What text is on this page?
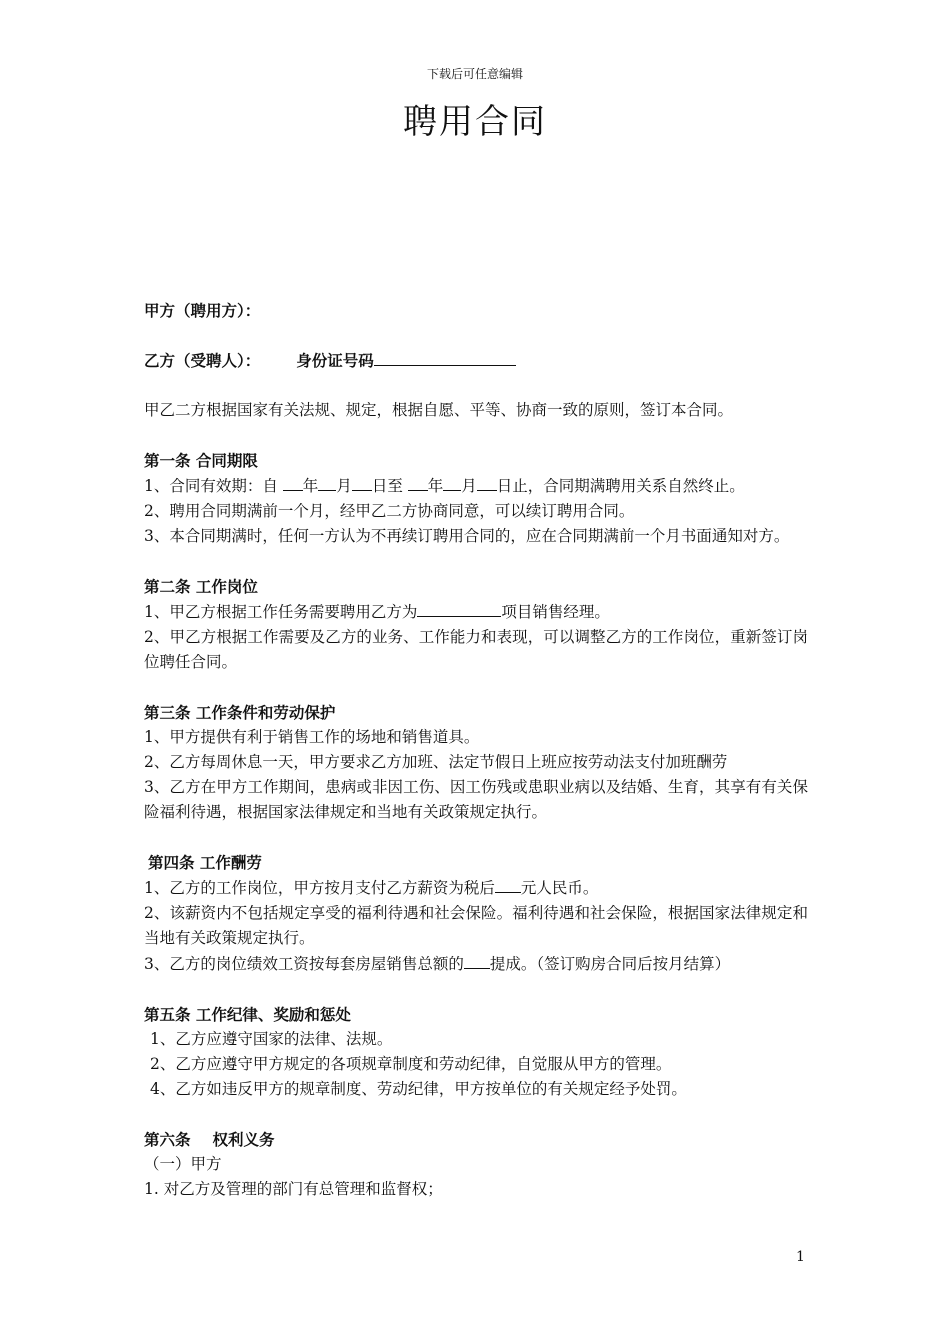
下载后可任意编辑
聘用合同

甲方（聘用方）：

乙方（受聘人）： 身份证号码

甲乙二方根据国家有关法规、规定，根据自愿、平等、协商一致的原则，签订本合同。

第一条 合同期限

1、合同有效期：自 年 月 日至 年 月 日止，合同期满聘用关系自然终止。

2、聘用合同期满前一个月，经甲乙二方协商同意，可以续订聘用合同。

3、本合同期满时，任何一方认为不再续订聘用合同的，应在合同期满前一个月书面通知对方。

第二条 工作岗位

1、甲乙方根据工作任务需要聘用乙方为	项目销售经理。

2、甲乙方根据工作需要及乙方的业务、工作能力和表现，可以调整乙方的工作岗位，重新签订岗位聘任合同。

第三条 工作条件和劳动保护

1、甲方提供有利于销售工作的场地和销售道具。

2、乙方每周休息一天，甲方要求乙方加班、法定节假日上班应按劳动法支付加班酬劳

3、乙方在甲方工作期间，患病或非因工伤、因工伤残或患职业病以及结婚、生育，其享有有关保险福利待遇，根据国家法律规定和当地有关政策规定执行。

第四条 工作酬劳

1、乙方的工作岗位，甲方按月支付乙方薪资为税后 元人民币。

2、该薪资内不包括规定享受的福利待遇和社会保险。福利待遇和社会保险，根据国家法律规定和当地有关政策规定执行。

3、乙方的岗位绩效工资按每套房屋销售总额的 提成。（签订购房合同后按月结算）

第五条 工作纪律、奖励和惩处

1、乙方应遵守国家的法律、法规。

2、乙方应遵守甲方规定的各项规章制度和劳动纪律，自觉服从甲方的管理。

4、乙方如违反甲方的规章制度、劳动纪律，甲方按单位的有关规定经予处罚。

第六条 权利义务

（一）甲方

1. 对乙方及管理的部门有总管理和监督权；

1
